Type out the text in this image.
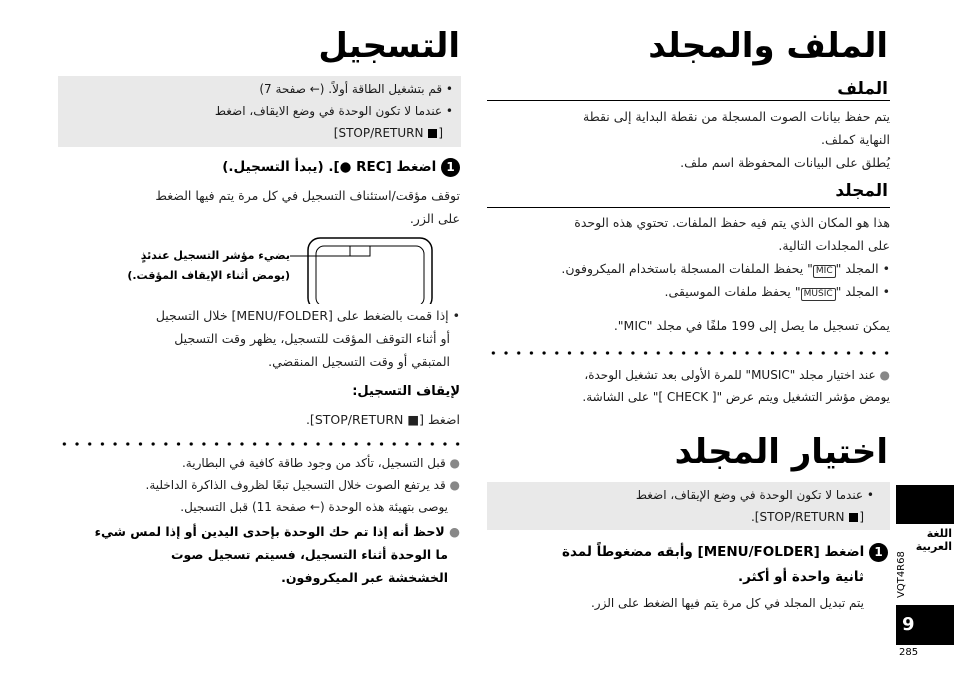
الملف والمجلد
الملف
يتم حفظ بيانات الصوت المسجلة من نقطة البداية إلى نقطة
النهاية كملف.
يُطلق على البيانات المحفوظة اسم ملف.
المجلد
هذا هو المكان الذي يتم فيه حفظ الملفات. تحتوي هذه الوحدة
على المجلدات التالية.
• المجلد "MIC" يحفظ الملفات المسجلة باستخدام الميكروفون.
• المجلد "MUSIC" يحفظ ملفات الموسيقى.
يمكن تسجيل ما يصل إلى 199 ملفًا في مجلد "MIC".
● عند اختيار مجلد "MUSIC" للمرة الأولى بعد تشغيل الوحدة،
يومض مؤشر التشغيل ويتم عرض "[ CHECK ]" على الشاشة.
اختيار المجلد
• عندما لا تكون الوحدة في وضع الإيقاف، اضغط
[ STOP/RETURN].
1 اضغط [MENU/FOLDER] وأبقه مضغوطاً لمدة
ثانية واحدة أو أكثر.
يتم تبديل المجلد في كل مرة يتم فيها الضغط على الزر.
التسجيل
• قم بتشغيل الطاقة أولاً. (← صفحة 7)
• عندما لا تكون الوحدة في وضع الايقاف، اضغط
[ STOP/RETURN]
1 اضغط [REC ●]. (يبدأ التسجيل.)
توقف مؤقت/استئناف التسجيل في كل مرة يتم فيها الضغط
على الزر.
يضيء مؤشر التسجيل عندئذٍ
(يومض أثناء الإيقاف المؤقت.)
• إذا قمت بالضغط على [MENU/FOLDER] خلال التسجيل
أو أثناء التوقف المؤقت للتسجيل، يظهر وقت التسجيل
المتبقي أو وقت التسجيل المنقضي.
لإيقاف التسجيل:
اضغط [■ STOP/RETURN].
● قبل التسجيل، تأكد من وجود طاقة كافية في البطارية.
● قد يرتفع الصوت خلال التسجيل تبعًا لظروف الذاكرة الداخلية.
يوصى بتهيئة هذه الوحدة (← صفحة 11) قبل التسجيل.
● لاحظ أنه إذا تم حك الوحدة بإحدى اليدين أو إذا لمس شيء
ما الوحدة أثناء التسجيل، فسيتم تسجيل صوت
الخشخشة عبر الميكروفون.
اللغة العربية
VQT4R68
9
285
